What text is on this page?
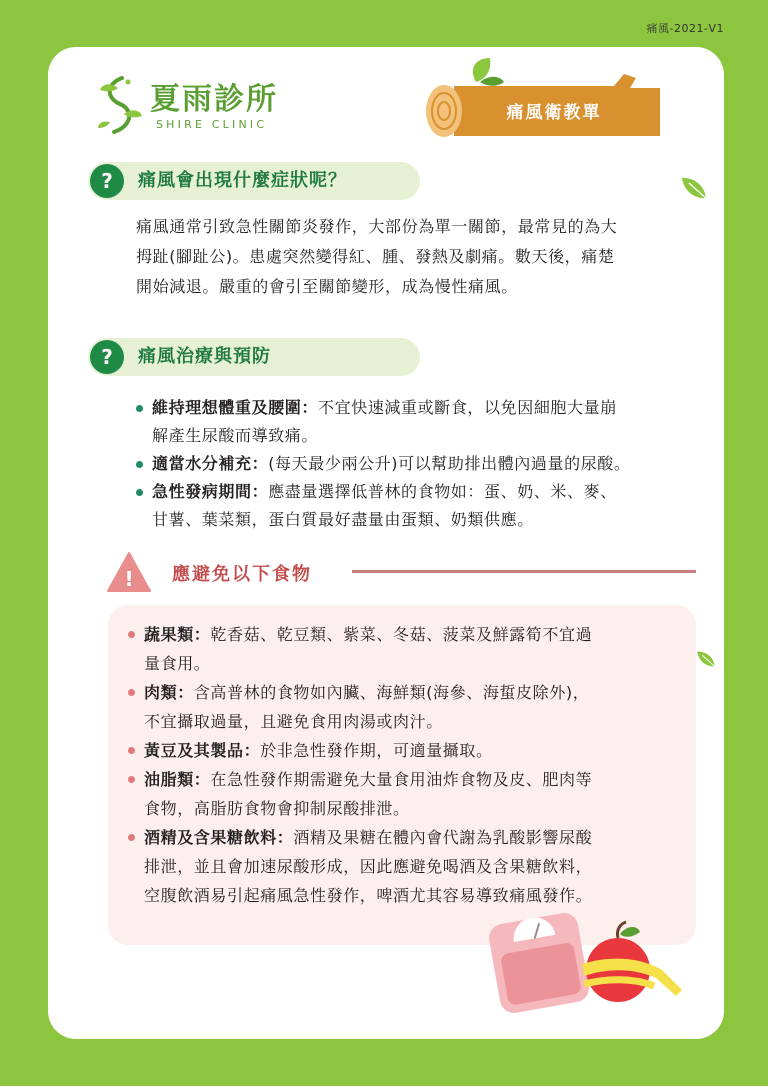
痛風-2021-V1
夏雨診所
SHIRE CLINIC
痛風衛教單
?	痛風會出現什麼症狀呢？
痛風通常引致急性關節炎發作，大部份為單一關節，最常見的為大
拇趾(腳趾公)。患處突然變得紅、腫、發熱及劇痛。數天後，痛楚
開始減退。嚴重的會引至關節變形，成為慢性痛風。
?	痛風治療與預防
維持理想體重及腰圍：不宜快速減重或斷食，以免因細胞大量崩
解產生尿酸而導致痛。
適當水分補充：(每天最少兩公升)可以幫助排出體內過量的尿酸。
急性發病期間：應盡量選擇低普林的食物如：蛋、奶、米、麥、
甘薯、葉菜類，蛋白質最好盡量由蛋類、奶類供應。
! 應避免以下食物
蔬果類：乾香菇、乾豆類、紫菜、冬菇、菠菜及鮮露筍不宜過
量食用。
肉類：含高普林的食物如內臟、海鮮類(海參、海蜇皮除外)，
不宜攝取過量，且避免食用肉湯或肉汁。
黃豆及其製品：於非急性發作期，可適量攝取。
油脂類：在急性發作期需避免大量食用油炸食物及皮、肥肉等
食物，高脂肪食物會抑制尿酸排泄。
酒精及含果糖飲料：酒精及果糖在體內會代謝為乳酸影響尿酸
排泄，並且會加速尿酸形成，因此應避免喝酒及含果糖飲料，
空腹飲酒易引起痛風急性發作，啤酒尤其容易導致痛風發作。
